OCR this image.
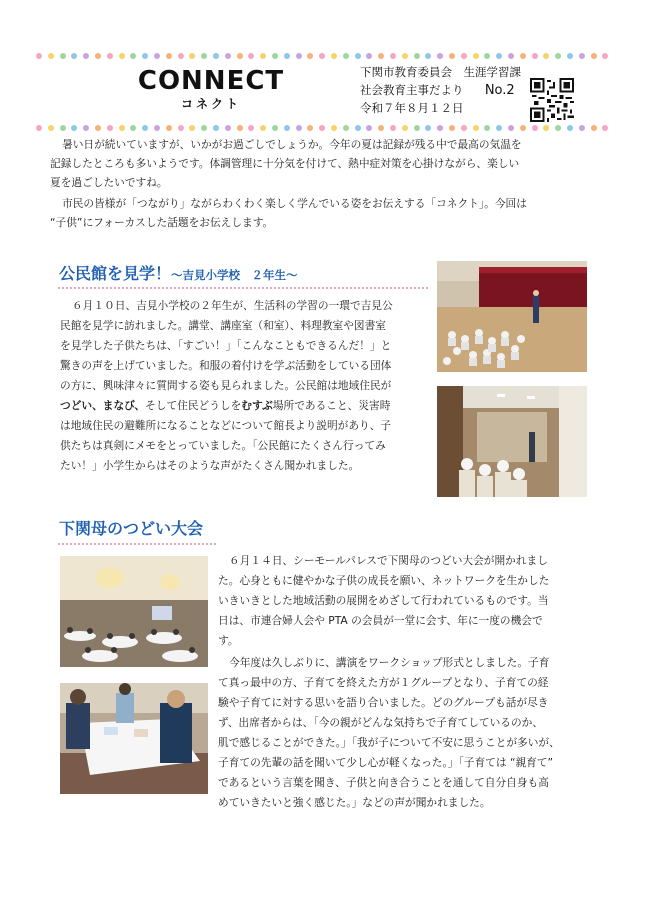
CONNECT
コネクト
下関市教育委員会　生涯学習課
社会教育主事だより No.2
令和７年８月１２日

暑い日が続いていますが、いかがお過ごしでしょうか。今年の夏は記録が残る中で最高の気温を

記録したところも多いようです。体調管理に十分気を付けて、熱中症対策を心掛けながら、楽しい

夏を過ごしたいですね。

市民の皆様が「つながり」ながらわくわく楽しく学んでいる姿をお伝えする「コネクト」。今回は

“子供”にフォーカスした話題をお伝えします。

公民館を見学！～吉見小学校　２年生～

６月１０日、吉見小学校の２年生が、生活科の学習の一環で吉見公

民館を見学に訪れました。講堂、講座室（和室）、料理教室や図書室

を見学した子供たちは、「すごい！」「こんなこともできるんだ！」と

驚きの声を上げていました。和服の着付けを学ぶ活動をしている団体

の方に、興味津々に質問する姿も見られました。公民館は地域住民が

つどい、まなび、そして住民どうしをむすぶ場所であること、災害時

は地域住民の避難所になることなどについて館長より説明があり、子

供たちは真剣にメモをとっていました。「公民館にたくさん行ってみ

たい！」小学生からはそのような声がたくさん聞かれました。

下関母のつどい大会

６月１４日、シーモールパレスで下関母のつどい大会が開かれまし

た。心身ともに健やかな子供の成長を願い、ネットワークを生かした

いきいきとした地域活動の展開をめざして行われているものです。当

日は、市連合婦人会や PTA の会員が一堂に会す、年に一度の機会で

す。

今年度は久しぶりに、講演をワークショップ形式としました。子育

て真っ最中の方、子育てを終えた方が１グループとなり、子育ての経

験や子育てに対する思いを語り合いました。どのグループも話が尽き

ず、出席者からは、「今の親がどんな気持ちで子育てしているのか、

肌で感じることができた。」「我が子について不安に思うことが多いが、

子育ての先輩の話を聞いて少し心が軽くなった。」「子育ては “親育て”

であるという言葉を聞き、子供と向き合うことを通して自分自身も高

めていきたいと強く感じた。」などの声が聞かれました。
